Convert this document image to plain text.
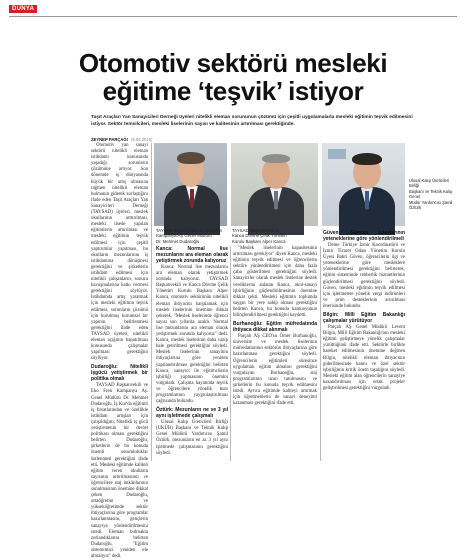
DÜNYA
Otomotiv sektörü mesleki
eğitime ‘teşvik’ istiyor
Taşıt Araçları Yan Sanayicileri Derneği üyeleri nitelikli eleman sorununun çözümü için çeşitli uygulamalarla mesleki eğitimin teşvik edilmesini istiyor. Sektör temsilcileri, mesleki liselerinin sayısı ve kalitesinin artırılması gerektiğinde.
ZEYNEP PARÇAĞI (5.05.2015)

Otomotiv yan sanayi sektörü nitelikli eleman istihdamı konusunda yaşadığı sorunların çözümüne artıyor. Son dönemde iş dünyasında büyük bir artış olmasına rağmen nitelikli eleman bulmanın giderek zorlaştığını ifade eden Taşıt Araçları Yan Sanayicileri Derneği (TAYSAD) üyeleri, meslek okullarının arttırılması, mesleki lisede yapılan eğitimlerin artırılması ve mesleki eğitimin teşvik edilmesi için çeşitli yaptırımlar yapılması, bu okulların mezunlarının iş istihdamına dönüşmesi gerektiğini ve şirketlerin istihdam edilmesi için nitelikli çalışanların, sonuca kavuşmalarına katkı vermesi gerektiğini söylüyor. İstihdamda artış yaratmak için mesleki eğitimin teşvik edilmesi, sorunların çözümü için kurulmuş kurumsal bir yapının belirlenmesi gerektiğini ifade eden TAYSAD üyeleri, nitelikli eleman açığının kapatılması konusunda çalışmalar yapılması gerektiğini söylüyor.

Dudaroğlu: Nitelikli işgücü yetiştirmek bir politika olmalı

TAYSAD Başkanvekili ve Eko Fren Kampanya Aş. Genel Müdürü Dr. Mehmet Dudaroğlu, İş Kur'da eğitimli iş fırsatlarından ve özellikle istihdam artışları için çalışıldığını, Nitelikli iş gücü yetiştirmenin bir devlet politikası olması gerektiğini belirten Dudaroğlu, şirketlerin de bu konuda önemli sorumluluklar üstlenmesi gerektiğini ifade etti. Mesleki eğitimde kaliteli eğitim veren okulların sayısının artırılmasının ve öğrencilere staj imkânlarının sunulmasının önemine dikkat çeken Dudaroğlu, ortaöğretim ve yükseköğretimde sektör ihtiyaçlarına göre programlar hazırlanmasını, gençlerin sanayiye yönlendirilmesini istedi. Eleman bulmakta zorlandıklarını belirten Dudaroğlu, "Eğitim sistemimizi yeniden ele almalıyız" dedi.

TAYSAD Başkanvekili ve Eko Fren
Kampanya AŞ Genel Müdürü
Dr. Mehmet Dudaroğlu
TAYSAD Başkanvekili ve
Kanca Dövme Çelik Yönetim
Kurulu Başkanı Alper Kanca
Ulusal Kalıp Üreticileri Birliği
Başkanı ve Teknik Kalıp Genel
Müdür Yardımcısı Şamil Öztürk
Kanca: Normal lise mezunlarını ara eleman olarak yetiştirmek zorunda kalıyoruz

Kanca: Normal lise mezunlarını ara eleman olarak yetiştirmek zorunda kalıyoruz. TAYSAD Başkanvekili ve Kanca Dövme Çelik Yönetim Kurulu Başkanı Alper Kanca, otomotiv sektörünün nitelikli eleman ihtiyacını karşılamak için meslek liselerinin önemine dikkat çekerek, "Meslek liselerinde öğrenci sayısı son yıllarda azaldı. Normal lise mezunlarını ara eleman olarak yetiştirmek zorunda kalıyoruz" dedi. Kanca, meslek liselerinin daha cazip hale getirilmesi gerektiğini söyledi. Meslek liselerinin sanayinin ihtiyaçlarına göre yeniden yapılandırılması gerektiğini belirten Kanca, sanayici ile eğitimcilerin işbirliği yapmasının önemini vurguladı. Çalışma hayatında teşvik ve öğrencilere yönelik burs programlarının yaygınlaştırılması çağrısında bulundu.

Öztürk: Mezunların ne ve 3 yıl aynı işletmede çalışmalı

Ulusal Kalıp Üreticileri Birliği (UKÜB) Başkanı ve Teknik Kalıp Genel Müdürü Yardımcısı Şamil Öztürk, mezunların en az 3 yıl aynı işletmede çalışmasının gerektiğini söyledi.

"Meslek liselerinin kapasitesinin artırılması gerekiyor" diyen Kanca, mesleki eğitimin teşvik edilmesi ve öğrencilerin sektöre yönlendirilmesi için daha fazla çaba gösterilmesi gerektiğini söyledi. Sanayiciler olarak meslek liselerine destek verdiklerini anlatan Kanca, okul-sanayi işbirliğinin güçlendirilmesinin önemine dikkat çekti. Mesleki eğitimin toplumda saygın bir yere sahip olması gerektiğini belirten Kanca, bu konuda kamuoyunun bilinçlendirilmesi gerektiğini kaydetti.

Burhanoğlu: Eğitim müfredatında ihtiyaca dikkat alınmalı

Parçalı AŞ CEO'su Ömer Burhanoğlu, üniversite ve meslek liselerinin müfredatlarının sektörün ihtiyaçlarına göre hazırlanması gerektiğini söyledi. Öğrencilerin eğitimleri süresince uygulamalı eğitim almaları gerektiğini vurgulayan Burhanoğlu, staj programlarının uzun tutulmasını ve şirketlerin bu konuda teşvik edilmesini istedi. Ayrıca eğitimde kaliteyi artırmak için öğretmenlerin de sanayi deneyimi kazanması gerektiğini ifade etti.

Güven: Eleman adaylarının yeteneklerine göre yönlendirilmeli

Deme Türkiye İzmir Koordinatörü ve İzmir Ticaret Odası Yönetim Kurulu Üyesi Bahri Güven, öğrencilerin ilgi ve yeteneklerine göre mesleklere yönlendirilmesi gerektiğini belirterek, eğitim sisteminde rehberlik hizmetlerinin güçlendirilmesi gerektiğini söyledi. Güven, mesleki eğitimin teşvik edilmesi için işletmelere yönelik vergi indirimleri ve prim desteklerinin artırılması önerisinde bulundu.

Bilgin: Milli Eğitim Bakanlığı çalışmalar yürütüyor

Parçalı AŞ Genel Müdürü Levent Bilgin, Milli Eğitim Bakanlığı'nın mesleki eğitimi geliştirmeye yönelik çalışmalar yürüttüğünü ifade etti. Sektörle birlikte hareket edilmesinin önemine değinen Bilgin, nitelikli eleman ihtiyacının giderilmesinde kamu ve özel sektör işbirliğinin kritik önem taşıdığını söyledi. Mesleki eğitim alan öğrencilerin sanayiye kazandırılması için ortak projeler geliştirilmesi gerektiğini vurguladı.
